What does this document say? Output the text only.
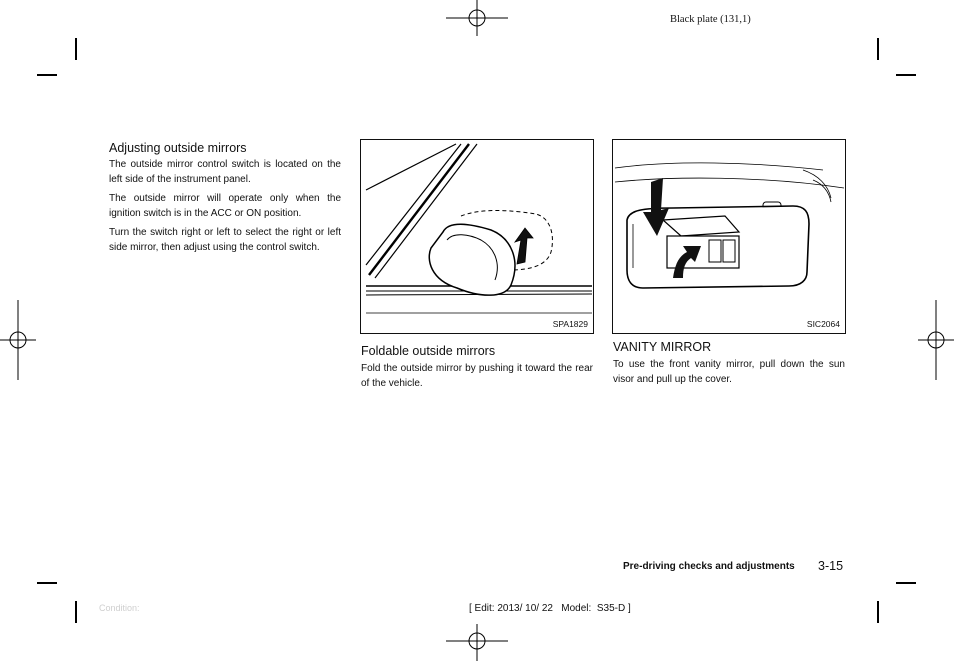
Black plate (131,1)
Adjusting outside mirrors

The outside mirror control switch is located on the left side of the instrument panel.

The outside mirror will operate only when the ignition switch is in the ACC or ON position.

Turn the switch right or left to select the right or left side mirror, then adjust using the control switch.

SPA1829
Foldable outside mirrors
Fold the outside mirror by pushing it toward the rear of the vehicle.
SIC2064
VANITY MIRROR
To use the front vanity mirror, pull down the sun visor and pull up the cover.
Pre-driving checks and adjustments 3-15
Condition:	[ Edit: 2013/ 10/ 22   Model:  S35-D ]
